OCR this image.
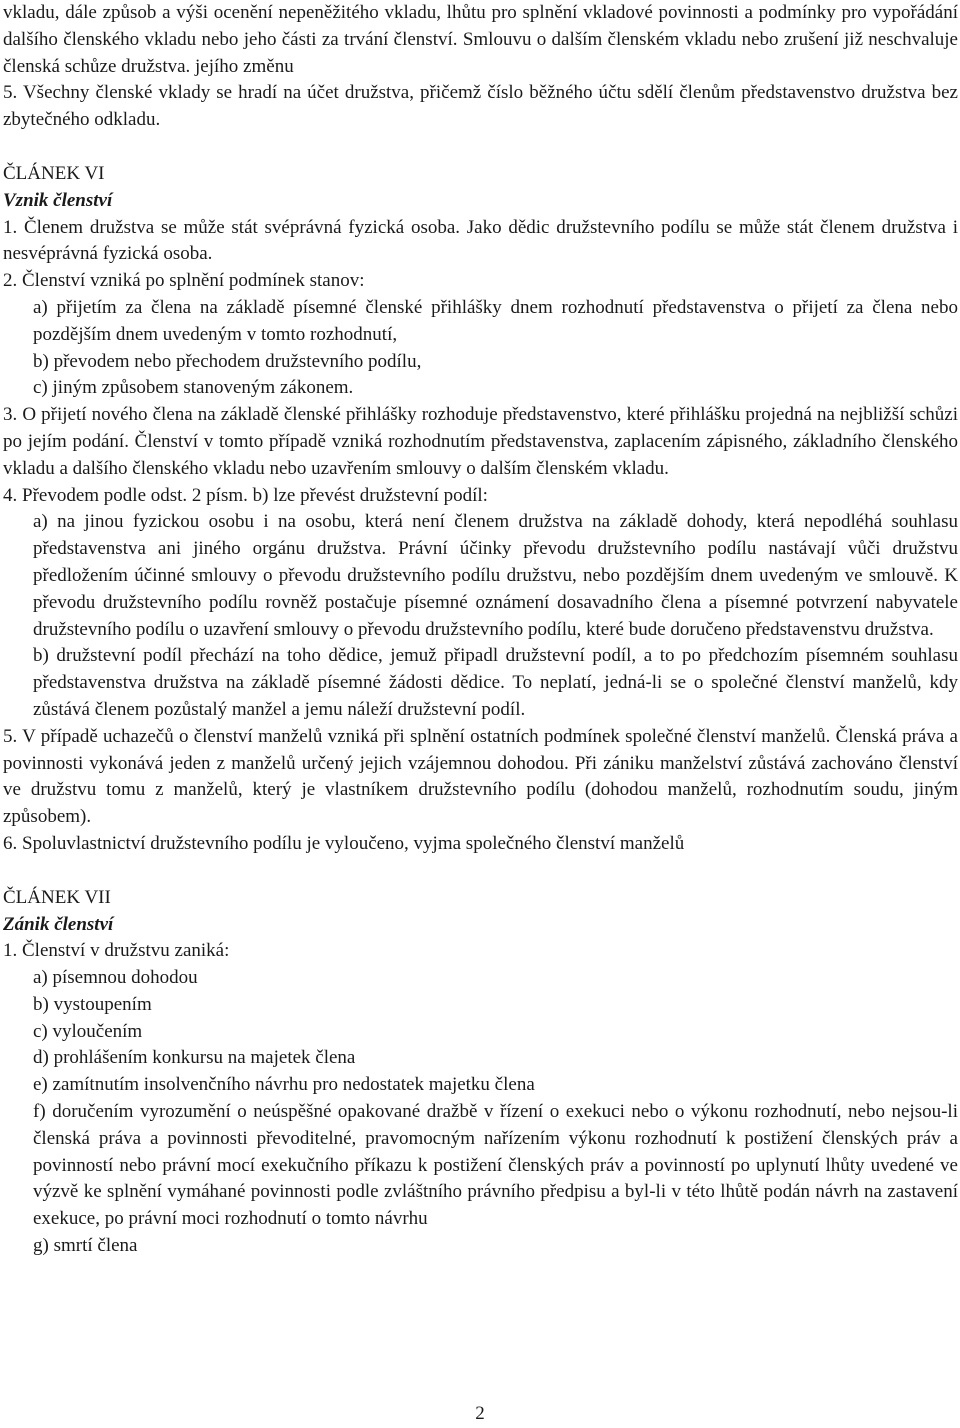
vkladu, dále způsob a výši ocenění nepeněžitého vkladu, lhůtu pro splnění vkladové povinnosti a podmínky pro vypořádání dalšího členského vkladu nebo jeho části za trvání členství. Smlouvu o dalším členském vkladu nebo zrušení již neschvaluje členská schůze družstva. jejího změnu

5. Všechny členské vklady se hradí na účet družstva, přičemž číslo běžného účtu sdělí členům představenstvo družstva bez zbytečného odkladu.

ČLÁNEK VI

Vznik členství

1. Členem družstva se může stát svéprávná fyzická osoba. Jako dědic družstevního podílu se může stát členem družstva i nesvéprávná fyzická osoba.

2. Členství vzniká po splnění podmínek stanov:

a) přijetím za člena na základě písemné členské přihlášky dnem rozhodnutí představenstva o přijetí za člena nebo pozdějším dnem uvedeným v tomto rozhodnutí,

b) převodem nebo přechodem družstevního podílu,

c) jiným způsobem stanoveným zákonem.

3. O přijetí nového člena na základě členské přihlášky rozhoduje představenstvo, které přihlášku projedná na nejbližší schůzi po jejím podání. Členství v tomto případě vzniká rozhodnutím představenstva, zaplacením zápisného, základního členského vkladu a dalšího členského vkladu nebo uzavřením smlouvy o dalším členském vkladu.

4. Převodem podle odst. 2 písm. b) lze převést družstevní podíl:

a) na jinou fyzickou osobu i na osobu, která není členem družstva na základě dohody, která nepodléhá souhlasu představenstva ani jiného orgánu družstva. Právní účinky převodu družstevního podílu nastávají vůči družstvu předložením účinné smlouvy o převodu družstevního podílu družstvu, nebo pozdějším dnem uvedeným ve smlouvě. K převodu družstevního podílu rovněž postačuje písemné oznámení dosavadního člena a písemné potvrzení nabyvatele družstevního podílu o uzavření smlouvy o převodu družstevního podílu, které bude doručeno představenstvu družstva.

b) družstevní podíl přechází na toho dědice, jemuž připadl družstevní podíl, a to po předchozím písemném souhlasu představenstva družstva na základě písemné žádosti dědice. To neplatí, jedná-li se o společné členství manželů, kdy zůstává členem pozůstalý manžel a jemu náleží družstevní podíl.

5. V případě uchazečů o členství manželů vzniká při splnění ostatních podmínek společné členství manželů. Členská práva a povinnosti vykonává jeden z manželů určený jejich vzájemnou dohodou. Při zániku manželství zůstává zachováno členství ve družstvu tomu z manželů, který je vlastníkem družstevního podílu (dohodou manželů, rozhodnutím soudu, jiným způsobem).

6. Spoluvlastnictví družstevního podílu je vyloučeno, vyjma společného členství manželů

ČLÁNEK VII

Zánik členství

1. Členství v družstvu zaniká:

a) písemnou dohodou

b) vystoupením

c) vyloučením

d) prohlášením konkursu na majetek člena

e) zamítnutím insolvenčního návrhu pro nedostatek majetku člena

f) doručením vyrozumění o neúspěšné opakované dražbě v řízení o exekuci nebo o výkonu rozhodnutí, nebo nejsou-li členská práva a povinnosti převoditelné, pravomocným nařízením výkonu rozhodnutí k postižení členských práv a povinností nebo právní mocí exekučního příkazu k postižení členských práv a povinností po uplynutí lhůty uvedené ve výzvě ke splnění vymáhané povinnosti podle zvláštního právního předpisu a byl-li v této lhůtě podán návrh na zastavení exekuce, po právní moci rozhodnutí o tomto návrhu

g) smrtí člena

2
